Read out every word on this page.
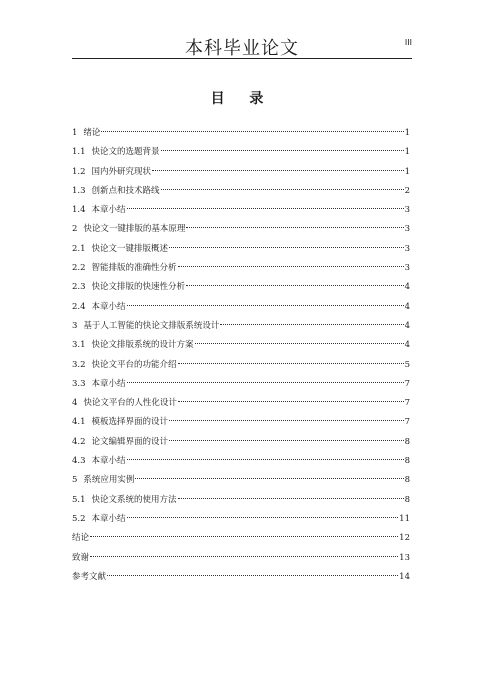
本科毕业论文	III
目 录
1 绪论	1
1.1 快论文的选题背景	1
1.2 国内外研究现状	1
1.3 创新点和技术路线	2
1.4 本章小结	3
2 快论文一键排版的基本原理	3
2.1 快论文一键排版概述	3
2.2 智能排版的准确性分析	3
2.3 快论文排版的快速性分析	4
2.4 本章小结	4
3 基于人工智能的快论文排版系统设计	4
3.1 快论文排版系统的设计方案	4
3.2 快论文平台的功能介绍	5
3.3 本章小结	7
4 快论文平台的人性化设计	7
4.1 模板选择界面的设计	7
4.2 论文编辑界面的设计	8
4.3 本章小结	8
5 系统应用实例	8
5.1 快论文系统的使用方法	8
5.2 本章小结	11
结论	12
致谢	13
参考文献	14
